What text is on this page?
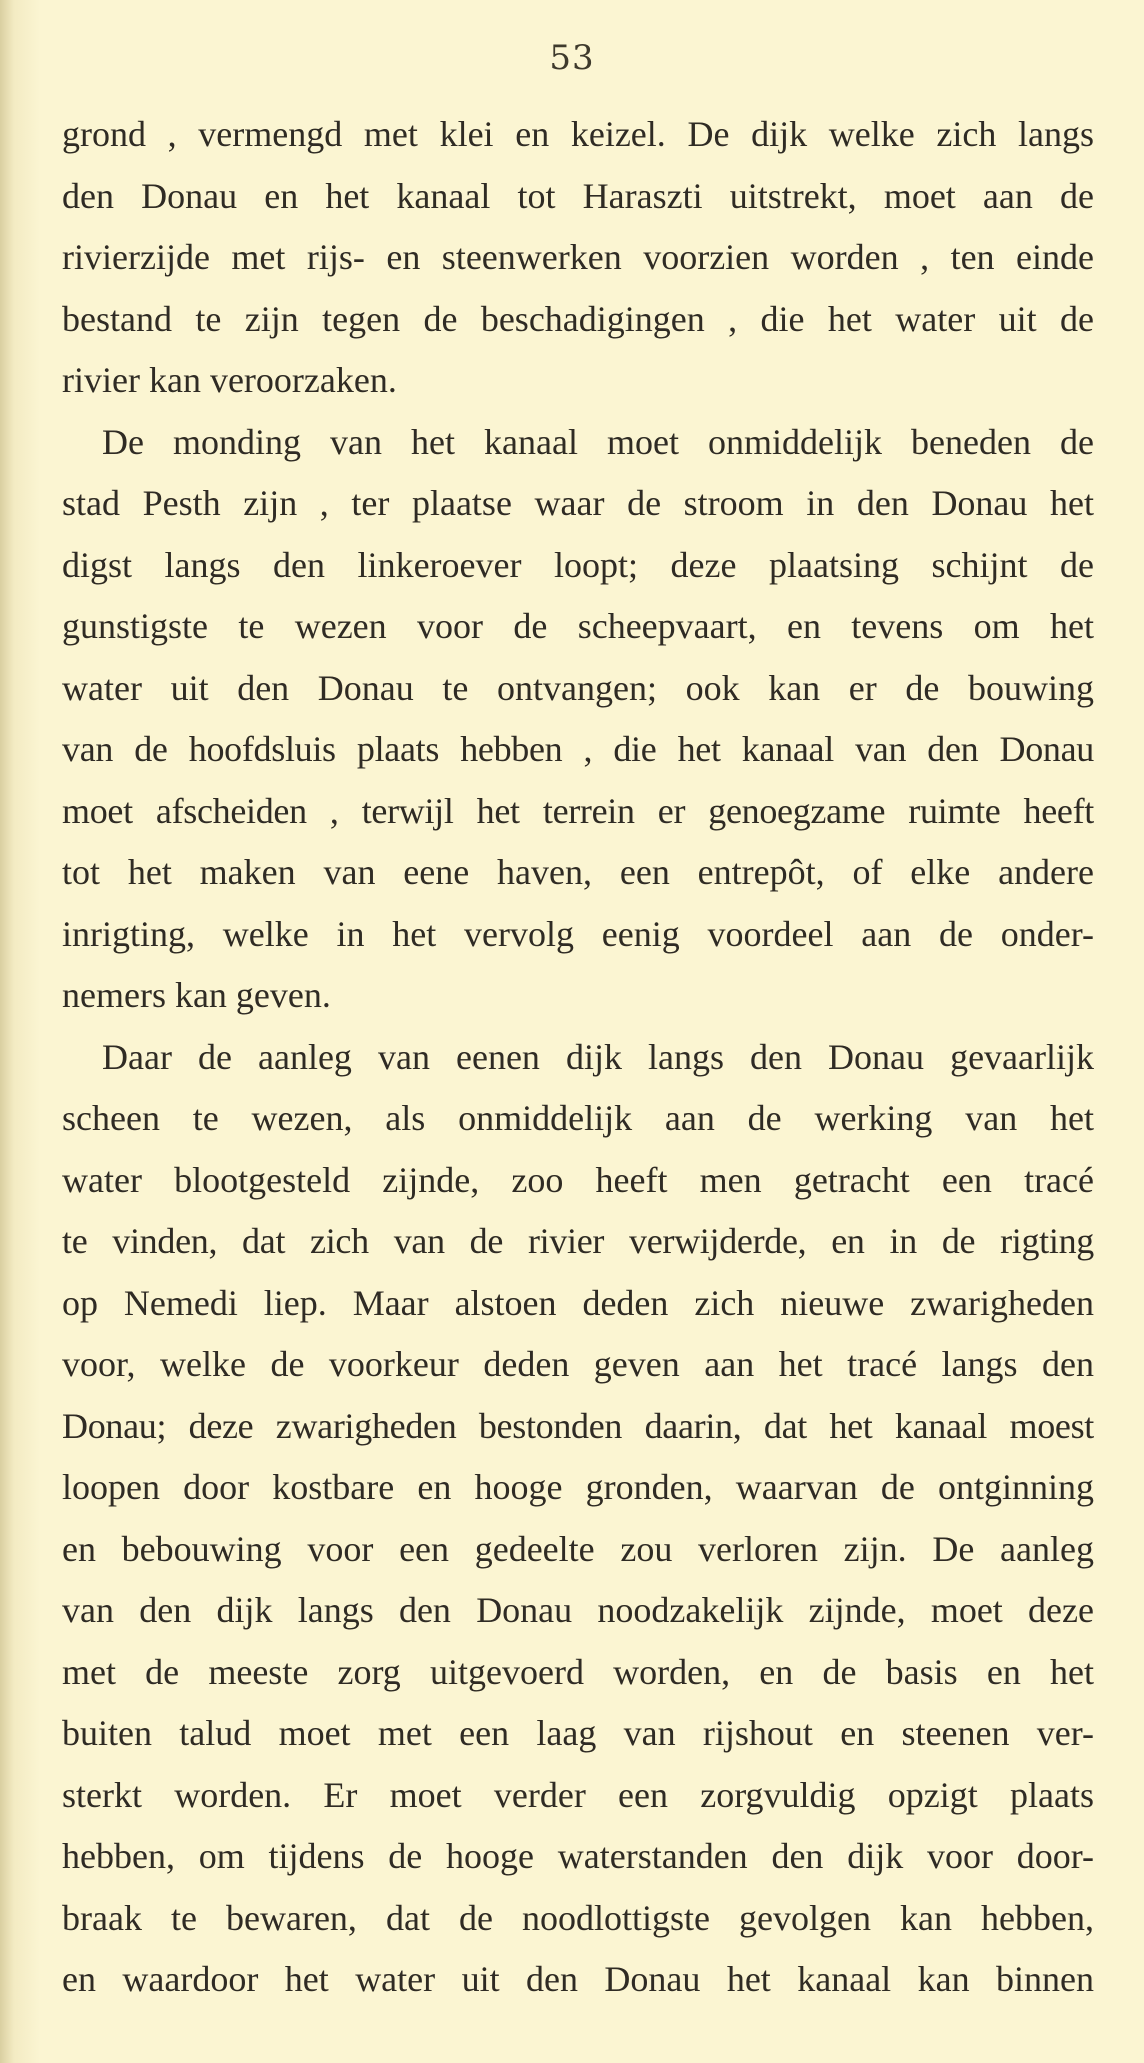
53
grond , vermengd met klei en keizel. De dijk welke zich langs
den Donau en het kanaal tot Haraszti uitstrekt, moet aan de
rivierzijde met rijs- en steenwerken voorzien worden , ten einde
bestand te zijn tegen de beschadigingen , die het water uit de
rivier kan veroorzaken.
De monding van het kanaal moet onmiddelijk beneden de
stad Pesth zijn , ter plaatse waar de stroom in den Donau het
digst langs den linkeroever loopt; deze plaatsing schijnt de
gunstigste te wezen voor de scheepvaart, en tevens om het
water uit den Donau te ontvangen; ook kan er de bouwing
van de hoofdsluis plaats hebben , die het kanaal van den Donau
moet afscheiden , terwijl het terrein er genoegzame ruimte heeft
tot het maken van eene haven, een entrepôt, of elke andere
inrigting, welke in het vervolg eenig voordeel aan de onder-
nemers kan geven.
Daar de aanleg van eenen dijk langs den Donau gevaarlijk
scheen te wezen, als onmiddelijk aan de werking van het
water blootgesteld zijnde, zoo heeft men getracht een tracé
te vinden, dat zich van de rivier verwijderde, en in de rigting
op Nemedi liep. Maar alstoen deden zich nieuwe zwarigheden
voor, welke de voorkeur deden geven aan het tracé langs den
Donau; deze zwarigheden bestonden daarin, dat het kanaal moest
loopen door kostbare en hooge gronden, waarvan de ontginning
en bebouwing voor een gedeelte zou verloren zijn. De aanleg
van den dijk langs den Donau noodzakelijk zijnde, moet deze
met de meeste zorg uitgevoerd worden, en de basis en het
buiten talud moet met een laag van rijshout en steenen ver-
sterkt worden. Er moet verder een zorgvuldig opzigt plaats
hebben, om tijdens de hooge waterstanden den dijk voor door-
braak te bewaren, dat de noodlottigste gevolgen kan hebben,
en waardoor het water uit den Donau het kanaal kan binnen
